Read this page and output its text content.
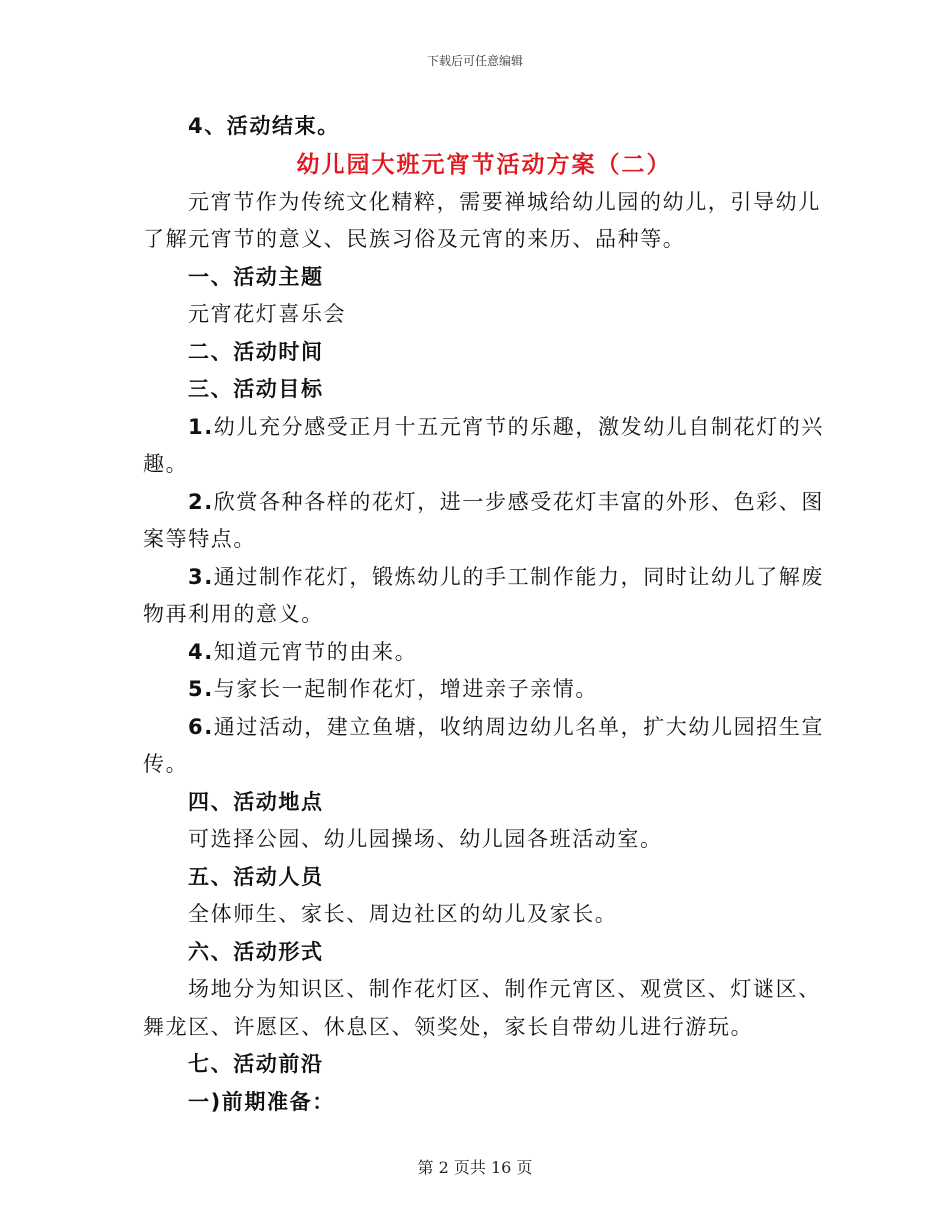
下载后可任意编辑
4、活动结束。
幼儿园大班元宵节活动方案（二）
元宵节作为传统文化精粹，需要禅城给幼儿园的幼儿，引导幼儿
了解元宵节的意义、民族习俗及元宵的来历、品种等。
一、活动主题
元宵花灯喜乐会
二、活动时间
三、活动目标
1.幼儿充分感受正月十五元宵节的乐趣，激发幼儿自制花灯的兴
趣。
2.欣赏各种各样的花灯，进一步感受花灯丰富的外形、色彩、图
案等特点。
3.通过制作花灯，锻炼幼儿的手工制作能力，同时让幼儿了解废
物再利用的意义。
4.知道元宵节的由来。
5.与家长一起制作花灯，增进亲子亲情。
6.通过活动，建立鱼塘，收纳周边幼儿名单，扩大幼儿园招生宣
传。
四、活动地点
可选择公园、幼儿园操场、幼儿园各班活动室。
五、活动人员
全体师生、家长、周边社区的幼儿及家长。
六、活动形式
场地分为知识区、制作花灯区、制作元宵区、观赏区、灯谜区、
舞龙区、许愿区、休息区、领奖处，家长自带幼儿进行游玩。
七、活动前沿
一)前期准备：
第 2 页共 16 页
